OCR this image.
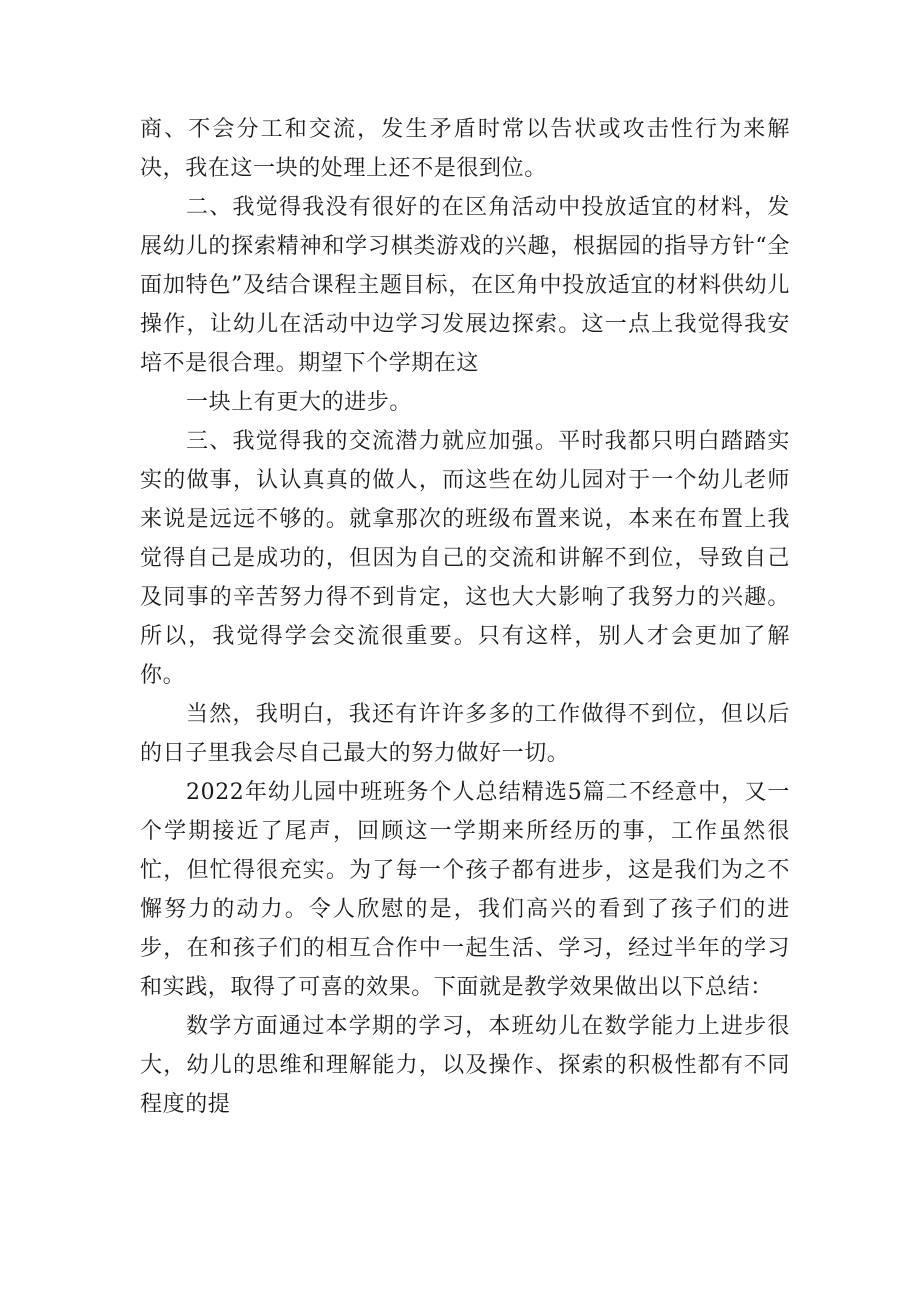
商、不会分工和交流，发生矛盾时常以告状或攻击性行为来解决，我在这一块的处理上还不是很到位。

二、我觉得我没有很好的在区角活动中投放适宜的材料，发展幼儿的探索精神和学习棋类游戏的兴趣，根据园的指导方针“全面加特色”及结合课程主题目标，在区角中投放适宜的材料供幼儿操作，让幼儿在活动中边学习发展边探索。这一点上我觉得我安培不是很合理。期望下个学期在这

一块上有更大的进步。

三、我觉得我的交流潜力就应加强。平时我都只明白踏踏实实的做事，认认真真的做人，而这些在幼儿园对于一个幼儿老师来说是远远不够的。就拿那次的班级布置来说，本来在布置上我觉得自己是成功的，但因为自己的交流和讲解不到位，导致自己及同事的辛苦努力得不到肯定，这也大大影响了我努力的兴趣。所以，我觉得学会交流很重要。只有这样，别人才会更加了解你。

当然，我明白，我还有许许多多的工作做得不到位，但以后的日子里我会尽自己最大的努力做好一切。

2022年幼儿园中班班务个人总结精选5篇二不经意中，又一个学期接近了尾声，回顾这一学期来所经历的事，工作虽然很忙，但忙得很充实。为了每一个孩子都有进步，这是我们为之不懈努力的动力。令人欣慰的是，我们高兴的看到了孩子们的进步，在和孩子们的相互合作中一起生活、学习，经过半年的学习和实践，取得了可喜的效果。下面就是教学效果做出以下总结：

数学方面通过本学期的学习，本班幼儿在数学能力上进步很大，幼儿的思维和理解能力，以及操作、探索的积极性都有不同程度的提
